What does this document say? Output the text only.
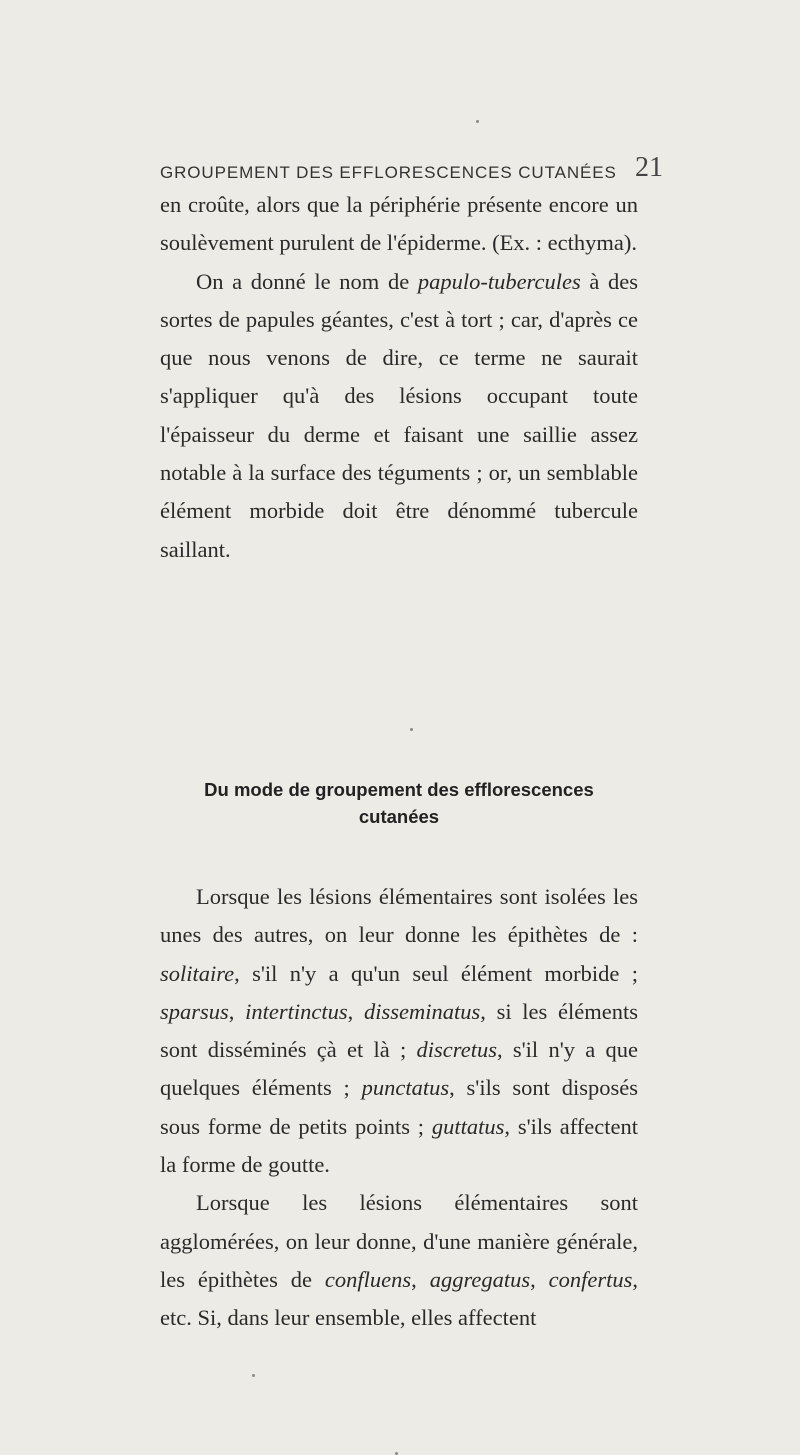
GROUPEMENT DES EFFLORESCENCES CUTANÉES 21

en croûte, alors que la périphérie présente encore un soulèvement purulent de l'épiderme. (Ex. : ecthyma).

On a donné le nom de papulo-tubercules à des sortes de papules géantes, c'est à tort ; car, d'après ce que nous venons de dire, ce terme ne saurait s'appliquer qu'à des lésions occupant toute l'épaisseur du derme et faisant une saillie assez notable à la surface des téguments ; or, un semblable élément morbide doit être dénommé tubercule saillant.

Du mode de groupement des efflorescences
cutanées

Lorsque les lésions élémentaires sont isolées les unes des autres, on leur donne les épithètes de : solitaire, s'il n'y a qu'un seul élément morbide ; sparsus, intertinctus, disseminatus, si les éléments sont disséminés çà et là ; discretus, s'il n'y a que quelques éléments ; punctatus, s'ils sont disposés sous forme de petits points ; guttatus, s'ils affectent la forme de goutte.

Lorsque les lésions élémentaires sont agglomérées, on leur donne, d'une manière générale, les épithètes de confluens, aggregatus, confertus, etc. Si, dans leur ensemble, elles affectent
